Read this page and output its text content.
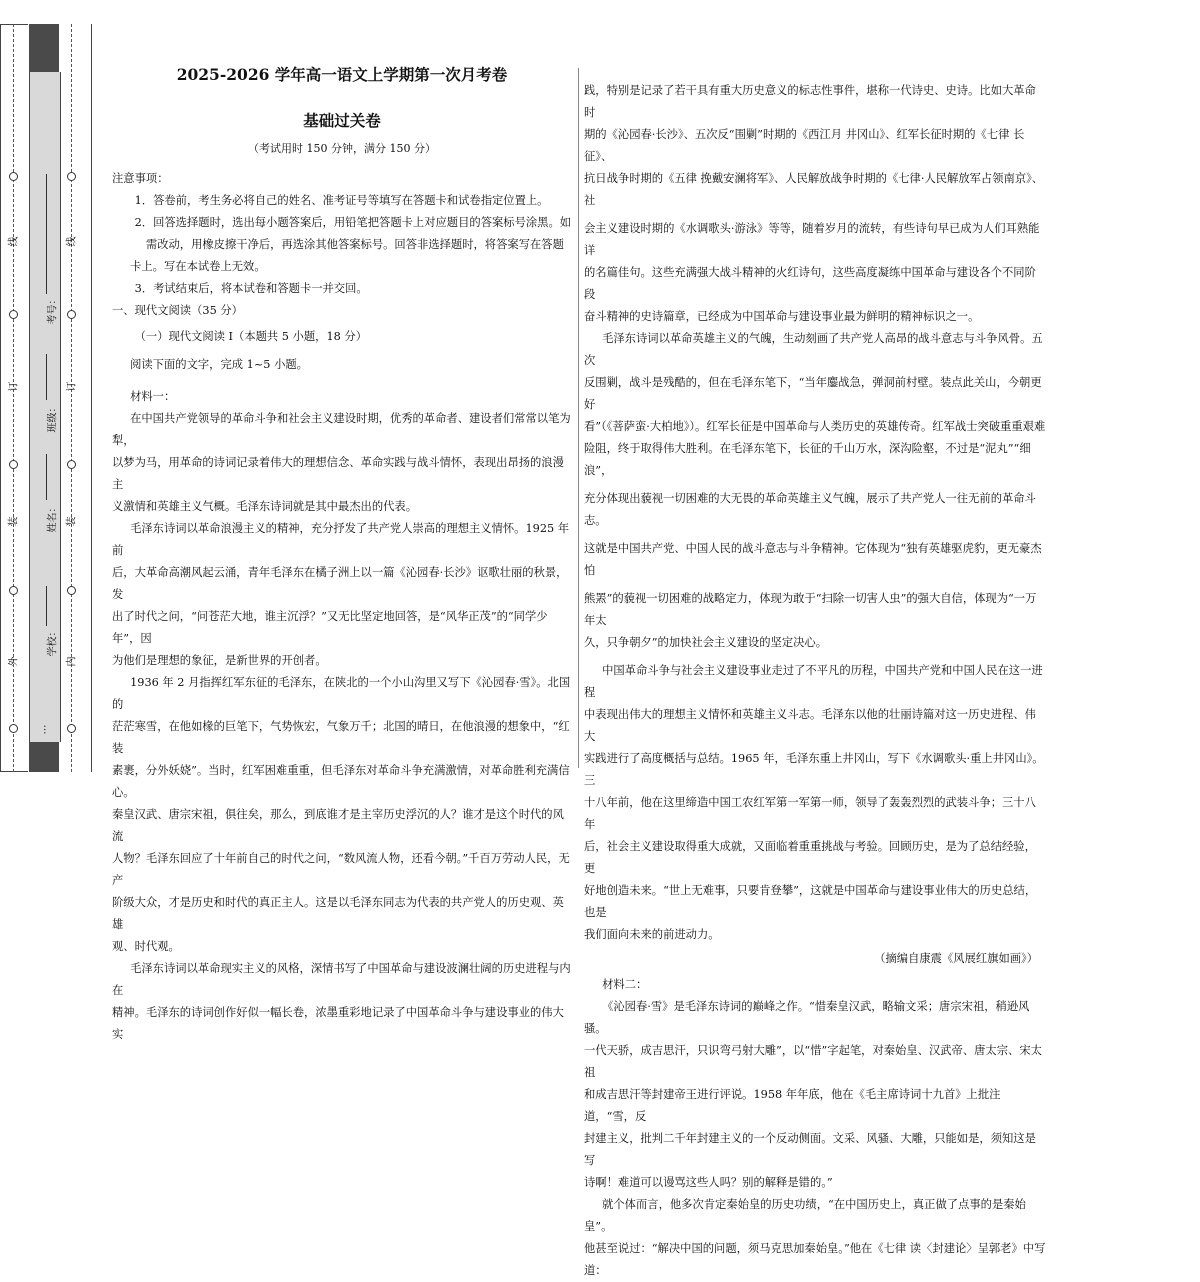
线
订
装
外
线
订
装
内
学校：
姓名：
班级：
考号：
…

2025-2026 学年高一语文上学期第一次月考卷

基础过关卷

（考试用时 150 分钟，满分 150 分）

注意事项：

1．答卷前，考生务必将自己的姓名、准考证号等填写在答题卡和试卷指定位置上。

2．回答选择题时，选出每小题答案后，用铅笔把答题卡上对应题目的答案标号涂黑。如

需改动，用橡皮擦干净后，再选涂其他答案标号。回答非选择题时，将答案写在答题

卡上。写在本试卷上无效。

3．考试结束后，将本试卷和答题卡一并交回。

一、现代文阅读（35 分）

（一）现代文阅读 I（本题共 5 小题，18 分）

阅读下面的文字，完成 1~5 小题。

材料一：

在中国共产党领导的革命斗争和社会主义建设时期，优秀的革命者、建设者们常常以笔为犁，

以梦为马，用革命的诗词记录着伟大的理想信念、革命实践与战斗情怀，表现出昂扬的浪漫主

义激情和英雄主义气概。毛泽东诗词就是其中最杰出的代表。

毛泽东诗词以革命浪漫主义的精神，充分抒发了共产党人崇高的理想主义情怀。1925 年前

后，大革命高潮风起云涌，青年毛泽东在橘子洲上以一篇《沁园春·长沙》讴歌壮丽的秋景，发

出了时代之问，“问苍茫大地，谁主沉浮？”又无比坚定地回答，是“风华正茂”的“同学少年”，因

为他们是理想的象征，是新世界的开创者。

1936 年 2 月指挥红军东征的毛泽东，在陕北的一个小山沟里又写下《沁园春·雪》。北国的

茫茫寒雪，在他如椽的巨笔下，气势恢宏，气象万千；北国的晴日，在他浪漫的想象中，“红装

素裹，分外妖娆”。当时，红军困难重重，但毛泽东对革命斗争充满激情，对革命胜利充满信心。

秦皇汉武、唐宗宋祖，俱往矣，那么，到底谁才是主宰历史浮沉的人？谁才是这个时代的风流

人物？毛泽东回应了十年前自己的时代之问，“数风流人物，还看今朝。”千百万劳动人民，无产

阶级大众，才是历史和时代的真正主人。这是以毛泽东同志为代表的共产党人的历史观、英雄

观、时代观。

毛泽东诗词以革命现实主义的风格，深情书写了中国革命与建设波澜壮阔的历史进程与内在

精神。毛泽东的诗词创作好似一幅长卷，浓墨重彩地记录了中国革命斗争与建设事业的伟大实

践，特别是记录了若干具有重大历史意义的标志性事件，堪称一代诗史、史诗。比如大革命时

期的《沁园春·长沙》、五次反“围剿”时期的《西江月 井冈山》、红军长征时期的《七律 长征》、

抗日战争时期的《五律 挽戴安澜将军》、人民解放战争时期的《七律·人民解放军占领南京》、社

会主义建设时期的《水调歌头·游泳》等等，随着岁月的流转，有些诗句早已成为人们耳熟能详

的名篇佳句。这些充满强大战斗精神的火红诗句，这些高度凝练中国革命与建设各个不同阶段

奋斗精神的史诗篇章，已经成为中国革命与建设事业最为鲜明的精神标识之一。

毛泽东诗词以革命英雄主义的气魄，生动刻画了共产党人高昂的战斗意志与斗争风骨。五次

反围剿，战斗是残酷的，但在毛泽东笔下，“当年鏖战急，弹洞前村壁。装点此关山，今朝更好

看”（《菩萨蛮·大柏地》）。红军长征是中国革命与人类历史的英雄传奇。红军战士突破重重艰难

险阻，终于取得伟大胜利。在毛泽东笔下，长征的千山万水，深沟险壑，不过是“泥丸”“细浪”，

充分体现出藐视一切困难的大无畏的革命英雄主义气魄，展示了共产党人一往无前的革命斗志。

这就是中国共产党、中国人民的战斗意志与斗争精神。它体现为“独有英雄驱虎豹，更无豪杰怕

熊罴”的藐视一切困难的战略定力，体现为敢于“扫除一切害人虫”的强大自信，体现为“一万年太

久，只争朝夕”的加快社会主义建设的坚定决心。

中国革命斗争与社会主义建设事业走过了不平凡的历程，中国共产党和中国人民在这一进程

中表现出伟大的理想主义情怀和英雄主义斗志。毛泽东以他的壮丽诗篇对这一历史进程、伟大

实践进行了高度概括与总结。1965 年，毛泽东重上井冈山，写下《水调歌头·重上井冈山》。三

十八年前，他在这里缔造中国工农红军第一军第一师，领导了轰轰烈烈的武装斗争；三十八年

后，社会主义建设取得重大成就，又面临着重重挑战与考验。回顾历史，是为了总结经验，更

好地创造未来。“世上无难事，只要肯登攀”，这就是中国革命与建设事业伟大的历史总结，也是

我们面向未来的前进动力。

（摘编自康震《风展红旗如画》）

材料二：

《沁园春·雪》是毛泽东诗词的巅峰之作。“惜秦皇汉武，略输文采；唐宗宋祖，稍逊风骚。

一代天骄，成吉思汗，只识弯弓射大雕”，以“惜”字起笔，对秦始皇、汉武帝、唐太宗、宋太祖

和成吉思汗等封建帝王进行评说。1958 年年底，他在《毛主席诗词十九首》上批注道，“雪，反

封建主义，批判二千年封建主义的一个反动侧面。文采、风骚、大雕，只能如是，须知这是写

诗啊！难道可以谩骂这些人吗？别的解释是错的。”

就个体而言，他多次肯定秦始皇的历史功绩，“在中国历史上，真正做了点事的是秦始皇”。

他甚至说过：“解决中国的问题，须马克思加秦始皇。”他在《七律 读〈封建论〉呈郭老》中写道：
